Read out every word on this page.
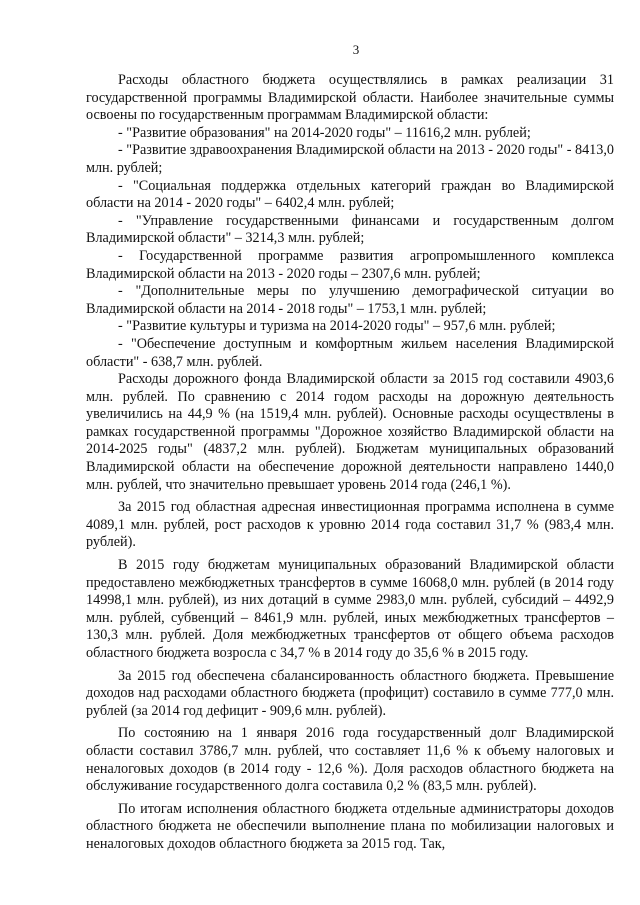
3

Расходы областного бюджета осуществлялись в рамках реализации 31 государственной программы Владимирской области. Наиболее значительные суммы освоены по государственным программам Владимирской области:

- "Развитие образования" на 2014-2020 годы" – 11616,2 млн. рублей;

- "Развитие здравоохранения Владимирской области на 2013 - 2020 годы" - 8413,0 млн. рублей;

- "Социальная поддержка отдельных категорий граждан во Владимирской области на 2014 - 2020 годы" – 6402,4 млн. рублей;

- "Управление государственными финансами и государственным долгом Владимирской области" – 3214,3 млн. рублей;

- Государственной программе развития агропромышленного комплекса Владимирской области на 2013 - 2020 годы – 2307,6 млн. рублей;

- "Дополнительные меры по улучшению демографической ситуации во Владимирской области на 2014 - 2018 годы" – 1753,1 млн. рублей;

- "Развитие культуры и туризма на 2014-2020 годы" – 957,6 млн. рублей;

- "Обеспечение доступным и комфортным жильем населения Владимирской области" - 638,7 млн. рублей.

Расходы дорожного фонда Владимирской области за 2015 год составили 4903,6 млн. рублей. По сравнению с 2014 годом расходы на дорожную деятельность увеличились на 44,9 % (на 1519,4 млн. рублей). Основные расходы осуществлены в рамках государственной программы "Дорожное хозяйство Владимирской области на 2014-2025 годы" (4837,2 млн. рублей). Бюджетам муниципальных образований Владимирской области на обеспечение дорожной деятельности направлено 1440,0 млн. рублей, что значительно превышает уровень 2014 года (246,1 %).

За 2015 год областная адресная инвестиционная программа исполнена в сумме 4089,1 млн. рублей, рост расходов к уровню 2014 года составил 31,7 % (983,4 млн. рублей).

В 2015 году бюджетам муниципальных образований Владимирской области предоставлено межбюджетных трансфертов в сумме 16068,0 млн. рублей (в 2014 году 14998,1 млн. рублей), из них дотаций в сумме 2983,0 млн. рублей, субсидий – 4492,9 млн. рублей, субвенций – 8461,9 млн. рублей, иных межбюджетных трансфертов – 130,3 млн. рублей. Доля межбюджетных трансфертов от общего объема расходов областного бюджета возросла с 34,7 % в 2014 году до 35,6 % в 2015 году.

За 2015 год обеспечена сбалансированность областного бюджета. Превышение доходов над расходами областного бюджета (профицит) составило в сумме 777,0 млн. рублей (за 2014 год дефицит - 909,6 млн. рублей).

По состоянию на 1 января 2016 года государственный долг Владимирской области составил 3786,7 млн. рублей, что составляет 11,6 % к объему налоговых и неналоговых доходов (в 2014 году - 12,6 %). Доля расходов областного бюджета на обслуживание государственного долга составила 0,2 % (83,5 млн. рублей).

По итогам исполнения областного бюджета отдельные администраторы доходов областного бюджета не обеспечили выполнение плана по мобилизации налоговых и неналоговых доходов областного бюджета за 2015 год. Так,
